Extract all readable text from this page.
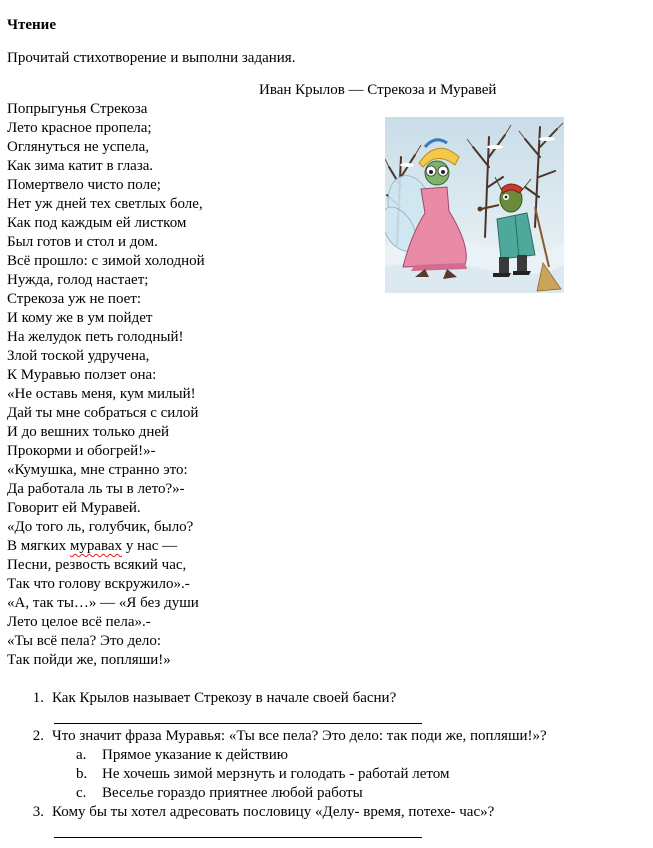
Чтение
Прочитай стихотворение и выполни задания.
Иван Крылов — Стрекоза и Муравей
Попрыгунья Стрекоза
Лето красное пропела;
Оглянуться не успела,
Как зима катит в глаза.
Помертвело чисто поле;
Нет уж дней тех светлых боле,
Как под каждым ей листком
Был готов и стол и дом.
Всё прошло: с зимой холодной
Нужда, голод настает;
Стрекоза уж не поет:
И кому же в ум пойдет
На желудок петь голодный!
Злой тоской удручена,
К Муравью ползет она:
«Не оставь меня, кум милый!
Дай ты мне собраться с силой
И до вешних только дней
Прокорми и обогрей!»-
«Кумушка, мне странно это:
Да работала ль ты в лето?»-
Говорит ей Муравей.
«До того ль, голубчик, было?
В мягких муравах у нас —
Песни, резвость всякий час,
Так что голову вскружило».-
«А, так ты…» — «Я без души
Лето целое всё пела».-
«Ты всё пела? Это дело:
Так пойди же, попляши!»
1. Как Крылов называет Стрекозу в начале своей басни?
2. Что значит фраза Муравья: «Ты все пела? Это дело: так поди же, попляши!»?
a. Прямое указание к действию
b. Не хочешь зимой мерзнуть и голодать - работай летом
c. Веселье гораздо приятнее любой работы
3. Кому бы ты хотел адресовать пословицу «Делу- время, потехе- час»?
